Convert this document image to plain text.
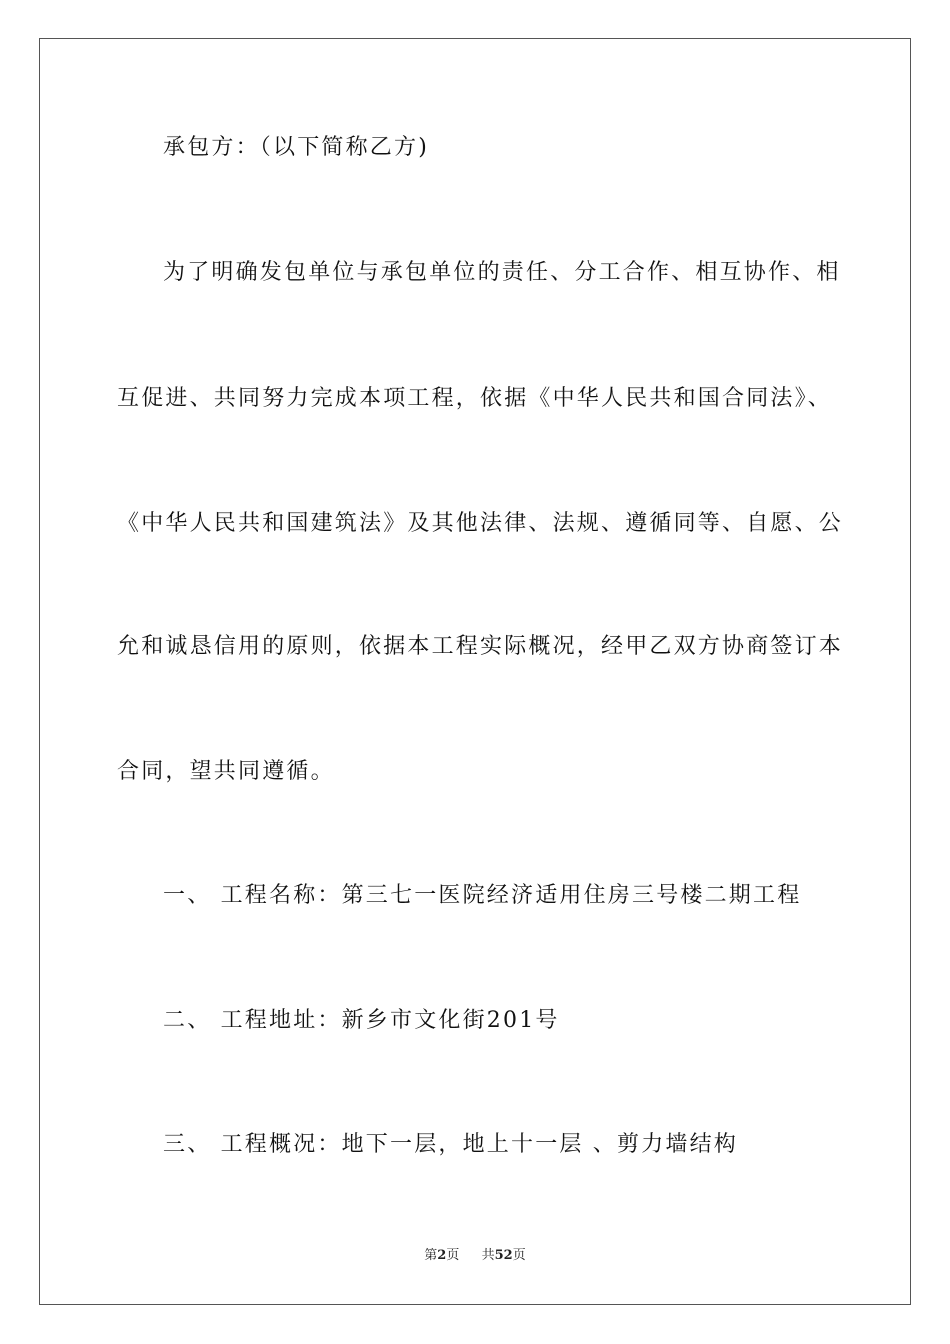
承包方：（以下简称乙方)
为了明确发包单位与承包单位的责任、分工合作、相互协作、相
互促进、共同努力完成本项工程，依据《中华人民共和国合同法》、
《中华人民共和国建筑法》及其他法律、法规、遵循同等、自愿、公
允和诚恳信用的原则，依据本工程实际概况，经甲乙双方协商签订本
合同，望共同遵循。
一、 工程名称：第三七一医院经济适用住房三号楼二期工程
二、 工程地址：新乡市文化街201号
三、 工程概况：地下一层，地上十一层 、剪力墙结构
第2页 共52页
